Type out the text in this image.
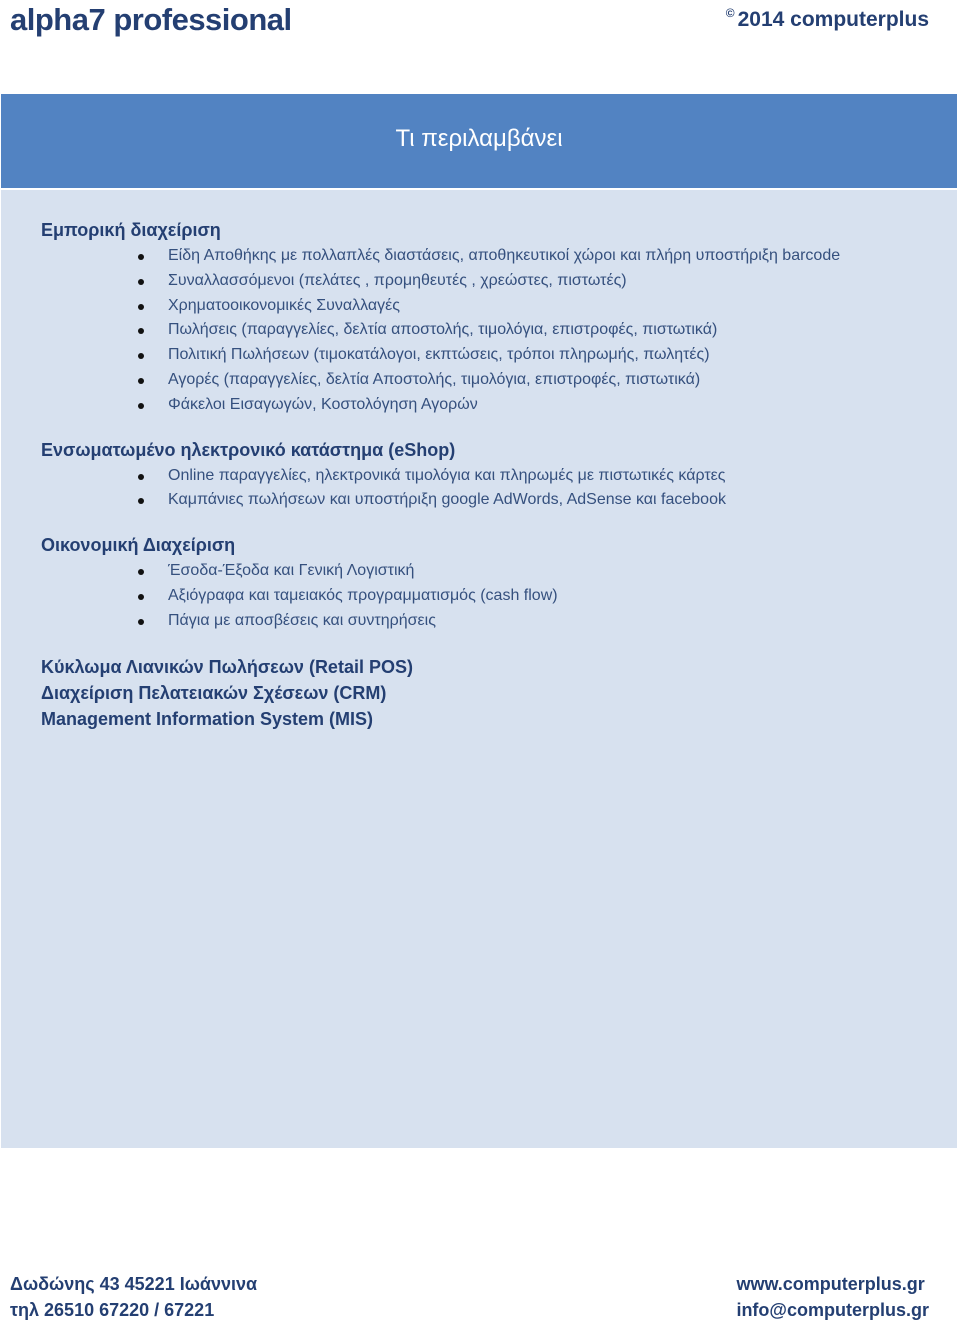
alpha7 professional	© 2014 computerplus
Τι περιλαμβάνει
Εμπορική διαχείριση
Είδη Αποθήκης με πολλαπλές διαστάσεις, αποθηκευτικοί χώροι και πλήρη υποστήριξη barcode
Συναλλασσόμενοι (πελάτες , προμηθευτές , χρεώστες, πιστωτές)
Χρηματοοικονομικές Συναλλαγές
Πωλήσεις (παραγγελίες, δελτία αποστολής, τιμολόγια, επιστροφές, πιστωτικά)
Πολιτική Πωλήσεων (τιμοκατάλογοι, εκπτώσεις, τρόποι πληρωμής, πωλητές)
Αγορές (παραγγελίες, δελτία Αποστολής, τιμολόγια, επιστροφές, πιστωτικά)
Φάκελοι Εισαγωγών, Κοστολόγηση Αγορών
Ενσωματωμένο ηλεκτρονικό κατάστημα (eShop)
Online παραγγελίες, ηλεκτρονικά τιμολόγια και πληρωμές με πιστωτικές κάρτες
Καμπάνιες πωλήσεων και υποστήριξη google AdWords, AdSense και facebook
Οικονομική Διαχείριση
Έσοδα-Έξοδα και Γενική Λογιστική
Αξιόγραφα και ταμειακός προγραμματισμός (cash flow)
Πάγια με αποσβέσεις και συντηρήσεις
Κύκλωμα Λιανικών Πωλήσεων (Retail POS)
Διαχείριση Πελατειακών Σχέσεων (CRM)
Management Information System (MIS)
Δωδώνης 43 45221 Ιωάννινα
τηλ 26510 67220 / 67221
www.computerplus.gr
info@computerplus.gr
